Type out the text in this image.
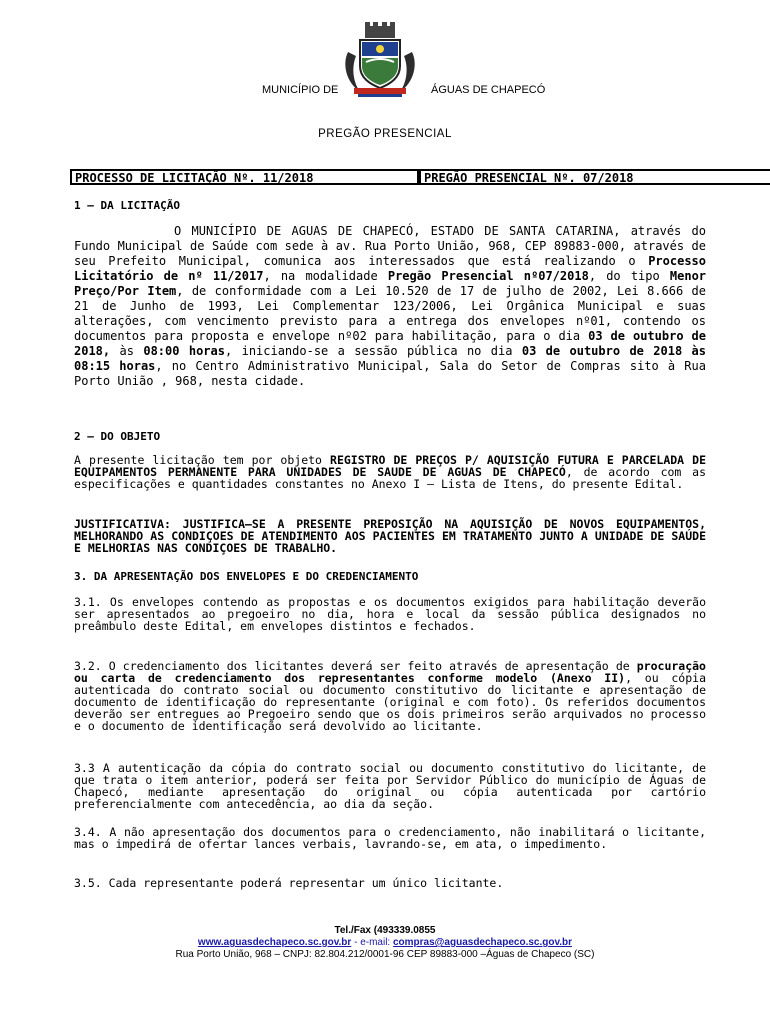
MUNICÍPIO DE	ÁGUAS DE CHAPECÓ
PREGÃO PRESENCIAL
PROCESSO DE LICITAÇÃO Nº. 11/2018	PREGÃO PRESENCIAL Nº. 07/2018
1 – DA LICITAÇÃO
O MUNICÍPIO DE AGUAS DE CHAPECÓ, ESTADO DE SANTA CATARINA, através do Fundo Municipal de Saúde com sede à av. Rua Porto União, 968, CEP 89883-000, através de seu Prefeito Municipal, comunica aos interessados que está realizando o Processo Licitatório de nº 11/2017, na modalidade Pregão Presencial nº07/2018, do tipo Menor Preço/Por Item, de conformidade com a Lei 10.520 de 17 de julho de 2002, Lei 8.666 de 21 de Junho de 1993, Lei Complementar 123/2006, Lei Orgânica Municipal e suas alterações, com vencimento previsto para a entrega dos envelopes nº01, contendo os documentos para proposta e envelope nº02 para habilitação, para o dia 03 de outubro de 2018, às 08:00 horas, iniciando-se a sessão pública no dia 03 de outubro de 2018 às 08:15 horas, no Centro Administrativo Municipal, Sala do Setor de Compras sito à Rua Porto União , 968, nesta cidade.
2 – DO OBJETO
A presente licitação tem por objeto REGISTRO DE PREÇOS P/ AQUISIÇÃO FUTURA E PARCELADA DE EQUIPAMENTOS PERMANENTE PARA UNIDADES DE SAUDE DE AGUAS DE CHAPECÓ, de acordo com as especificações e quantidades constantes no Anexo I – Lista de Itens, do presente Edital.
JUSTIFICATIVA: JUSTIFICA–SE A PRESENTE PREPOSIÇÃO NA AQUISIÇÃO DE NOVOS EQUIPAMENTOS, MELHORANDO AS CONDIÇOES DE ATENDIMENTO AOS PACIENTES EM TRATAMENTO JUNTO A UNIDADE DE SAÚDE E MELHORIAS NAS CONDIÇOES DE TRABALHO.
3. DA APRESENTAÇÃO DOS ENVELOPES E DO CREDENCIAMENTO
3.1. Os envelopes contendo as propostas e os documentos exigidos para habilitação deverão ser apresentados ao pregoeiro no dia, hora e local da sessão pública designados no preâmbulo deste Edital, em envelopes distintos e fechados.
3.2. O credenciamento dos licitantes deverá ser feito através de apresentação de procuração ou carta de credenciamento dos representantes conforme modelo (Anexo II), ou cópia autenticada do contrato social ou documento constitutivo do licitante e apresentação de documento de identificação do representante (original e com foto). Os referidos documentos deverão ser entregues ao Pregoeiro sendo que os dois primeiros serão arquivados no processo e o documento de identificação será devolvido ao licitante.
3.3 A autenticação da cópia do contrato social ou documento constitutivo do licitante, de que trata o item anterior, poderá ser feita por Servidor Público do município de Águas de Chapecó, mediante apresentação do original ou cópia autenticada por cartório preferencialmente com antecedência, ao dia da seção.
3.4. A não apresentação dos documentos para o credenciamento, não inabilitará o licitante, mas o impedirá de ofertar lances verbais, lavrando-se, em ata, o impedimento.
3.5. Cada representante poderá representar um único licitante.
Tel./Fax (493339.0855
www.aguasdechapeco.sc.gov.br - e-mail: compras@aguasdechapeco.sc.gov.br
Rua Porto União, 968 – CNPJ: 82.804.212/0001-96 CEP 89883-000 –Águas de Chapeco (SC)
